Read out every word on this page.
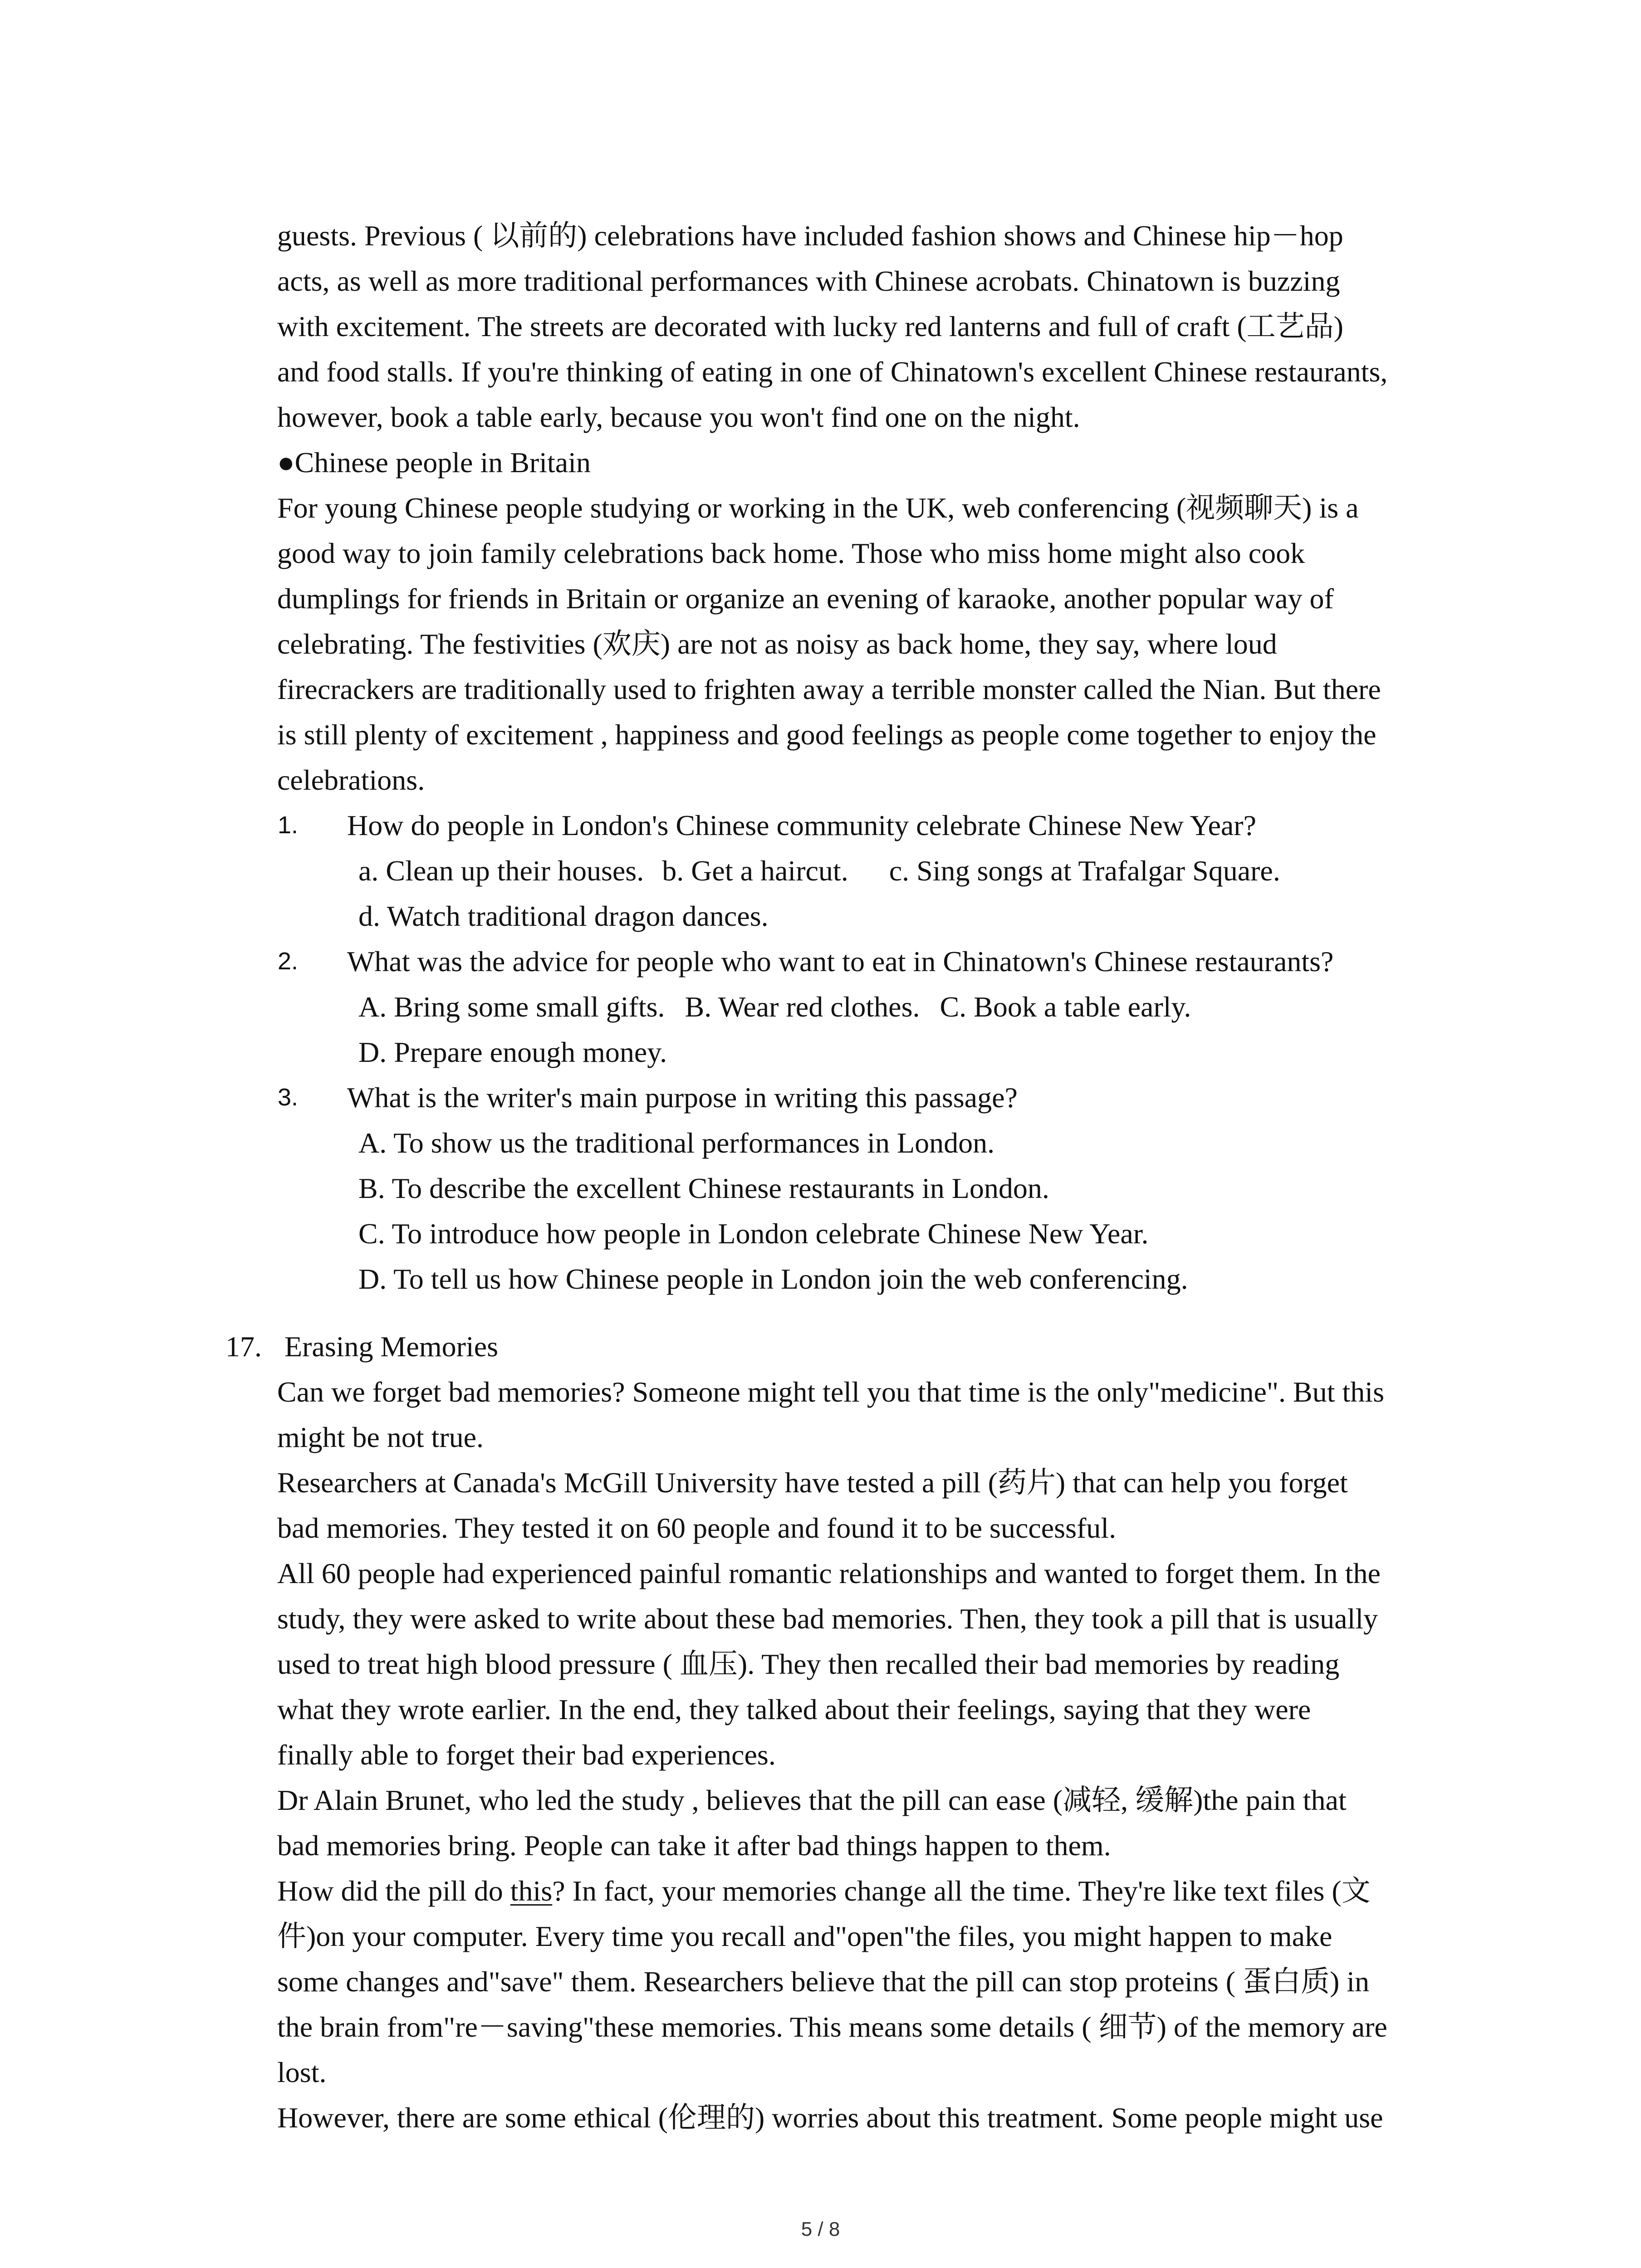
guests. Previous ( 以前的) celebrations have included fashion shows and Chinese hip－hop
acts, as well as more traditional performances with Chinese acrobats. Chinatown is buzzing
with excitement. The streets are decorated with lucky red lanterns and full of craft (工艺品)
and food stalls. If you're thinking of eating in one of Chinatown's excellent Chinese restaurants,
however, book a table early, because you won't find one on the night.
●Chinese people in Britain
For young Chinese people studying or working in the UK, web conferencing (视频聊天) is a
good way to join family celebrations back home. Those who miss home might also cook
dumplings for friends in Britain or organize an evening of karaoke, another popular way of
celebrating. The festivities (欢庆) are not as noisy as back home, they say, where loud
firecrackers are traditionally used to frighten away a terrible monster called the Nian. But there
is still plenty of excitement , happiness and good feelings as people come together to enjoy the
celebrations.
1. How do people in London's Chinese community celebrate Chinese New Year?
a. Clean up their houses. b. Get a haircut. c. Sing songs at Trafalgar Square.
d. Watch traditional dragon dances.
2. What was the advice for people who want to eat in Chinatown's Chinese restaurants?
A. Bring some small gifts. B. Wear red clothes. C. Book a table early.
D. Prepare enough money.
3. What is the writer's main purpose in writing this passage?
A. To show us the traditional performances in London.
B. To describe the excellent Chinese restaurants in London.
C. To introduce how people in London celebrate Chinese New Year.
D. To tell us how Chinese people in London join the web conferencing.
17. Erasing Memories
Can we forget bad memories? Someone might tell you that time is the only"medicine". But this
might be not true.
Researchers at Canada's McGill University have tested a pill (药片) that can help you forget
bad memories. They tested it on 60 people and found it to be successful.
All 60 people had experienced painful romantic relationships and wanted to forget them. In the
study, they were asked to write about these bad memories. Then, they took a pill that is usually
used to treat high blood pressure ( 血压). They then recalled their bad memories by reading
what they wrote earlier. In the end, they talked about their feelings, saying that they were
finally able to forget their bad experiences.
Dr Alain Brunet, who led the study , believes that the pill can ease (减轻, 缓解)the pain that
bad memories bring. People can take it after bad things happen to them.
How did the pill do this? In fact, your memories change all the time. They're like text files (文
件)on your computer. Every time you recall and"open"the files, you might happen to make
some changes and"save" them. Researchers believe that the pill can stop proteins ( 蛋白质) in
the brain from"re－saving"these memories. This means some details ( 细节) of the memory are
lost.
However, there are some ethical (伦理的) worries about this treatment. Some people might use
5 / 8
